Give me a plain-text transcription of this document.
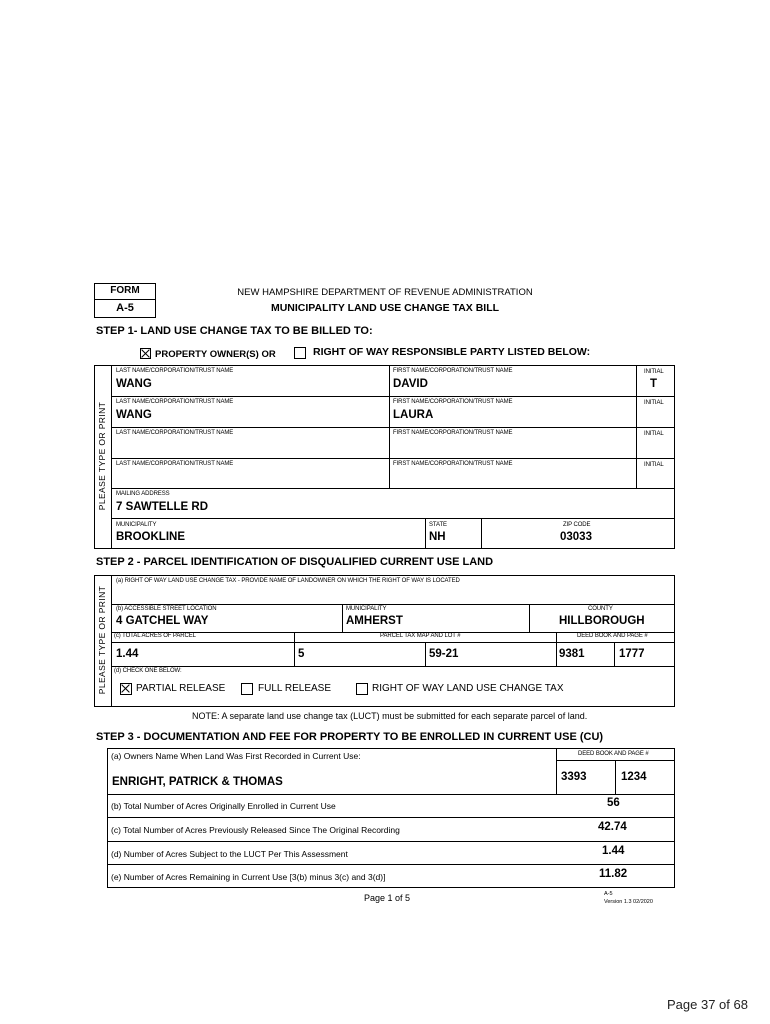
FORM
A-5
NEW HAMPSHIRE DEPARTMENT OF REVENUE ADMINISTRATION
MUNICIPALITY LAND USE CHANGE TAX BILL
STEP 1- LAND USE CHANGE TAX TO BE BILLED TO:
PROPERTY OWNER(S) OR	RIGHT OF WAY RESPONSIBLE PARTY LISTED BELOW:
PLEASE TYPE OR PRINT
LAST NAME/CORPORATION/TRUST NAME	FIRST NAME/CORPORATION/TRUST NAME	INITIAL
WANG	DAVID	T
LAST NAME/CORPORATION/TRUST NAME	FIRST NAME/CORPORATION/TRUST NAME	INITIAL
WANG	LAURA
LAST NAME/CORPORATION/TRUST NAME	FIRST NAME/CORPORATION/TRUST NAME	INITIAL
LAST NAME/CORPORATION/TRUST NAME	FIRST NAME/CORPORATION/TRUST NAME	INITIAL
MAILING ADDRESS
7 SAWTELLE RD
MUNICIPALITY
BROOKLINE
STATE
NH
ZIP CODE
03033
STEP 2 - PARCEL IDENTIFICATION OF DISQUALIFIED CURRENT USE LAND
PLEASE TYPE OR PRINT
(a) RIGHT OF WAY LAND USE CHANGE TAX - PROVIDE NAME OF LANDOWNER ON WHICH THE RIGHT OF WAY IS LOCATED
(b) ACCESSIBLE STREET LOCATION
4 GATCHEL WAY
MUNICIPALITY
AMHERST
COUNTY
HILLBOROUGH
(c) TOTAL ACRES OF PARCEL	PARCEL TAX MAP AND LOT #	DEED BOOK AND PAGE #
1.44	5	59-21	9381	1777
(d) CHECK ONE BELOW:
PARTIAL RELEASE	FULL RELEASE	RIGHT OF WAY LAND USE CHANGE TAX
NOTE: A separate land use change tax (LUCT) must be submitted for each separate parcel of land.
STEP 3 - DOCUMENTATION AND FEE FOR PROPERTY TO BE ENROLLED IN CURRENT USE (CU)
(a) Owners Name When Land Was First Recorded in Current Use:	DEED BOOK AND PAGE #
ENRIGHT, PATRICK & THOMAS	3393	1234
(b) Total Number of Acres Originally Enrolled in Current Use	56
(c) Total Number of Acres Previously Released Since The Original Recording	42.74
(d) Number of Acres Subject to the LUCT Per This Assessment	1.44
(e) Number of Acres Remaining in Current Use [3(b) minus 3(c) and 3(d)]	11.82
Page 1 of 5	A-5
Version 1.3 02/2020
Page 37 of 68
